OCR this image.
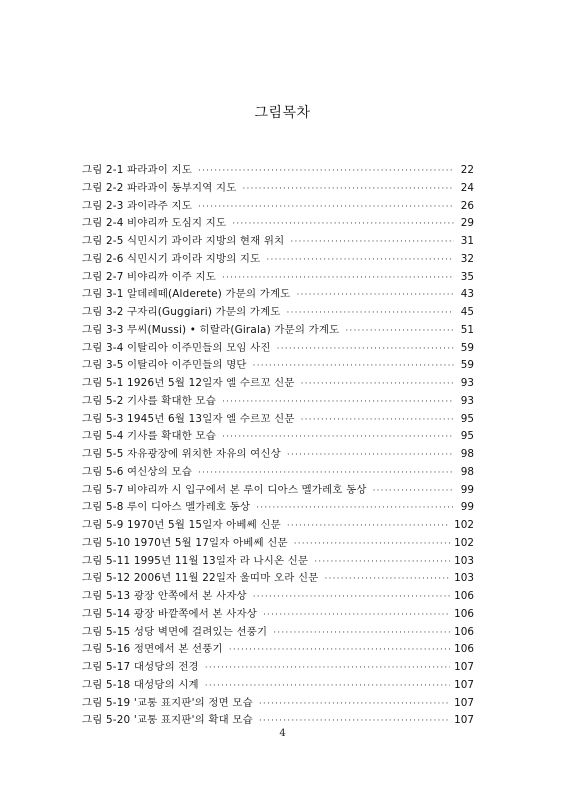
그림목차
그림 2-1 파라과이 지도 ·····	22
그림 2-2 파라과이 동부지역 지도 ·····	24
그림 2-3 과이라주 지도 ·····	26
그림 2-4 비야리까 도심지 지도 ·····	29
그림 2-5 식민시기 과이라 지방의 현재 위치 ·····	31
그림 2-6 식민시기 과이라 지방의 지도 ·····	32
그림 2-7 비야리까 이주 지도 ·····	35
그림 3-1 알데레떼(Alderete) 가문의 가계도 ·····	43
그림 3-2 구자리(Guggiari) 가문의 가계도 ·····	45
그림 3-3 무씨(Mussi) • 히랄라(Girala) 가문의 가계도 ·····	51
그림 3-4 이탈리아 이주민들의 모임 사진 ·····	59
그림 3-5 이탈리아 이주민들의 명단 ·····	59
그림 5-1 1926년 5월 12일자 엘 수르꼬 신문 ·····	93
그림 5-2 기사를 확대한 모습 ·····	93
그림 5-3 1945년 6월 13일자 엘 수르꼬 신문 ·····	95
그림 5-4 기사를 확대한 모습 ·····	95
그림 5-5 자유광장에 위치한 자유의 여신상 ·····	98
그림 5-6 여신상의 모습 ·····	98
그림 5-7 비야리까 시 입구에서 본 루이 디아스 멜가레호 동상 ·····	99
그림 5-8 루이 디아스 멜가레호 동상 ·····	99
그림 5-9 1970년 5월 15일자 아베쎄 신문 ·····	102
그림 5-10 1970년 5월 17일자 아베쎄 신문 ·····	102
그림 5-11 1995년 11월 13일자 라 나시온 신문 ·····	103
그림 5-12 2006년 11월 22일자 울띠마 오라 신문 ·····	103
그림 5-13 광장 안쪽에서 본 사자상 ·····	106
그림 5-14 광장 바깥쪽에서 본 사자상 ·····	106
그림 5-15 성당 벽면에 걸려있는 선풍기 ·····	106
그림 5-16 정면에서 본 선풍기 ·····	106
그림 5-17 대성당의 전경 ·····	107
그림 5-18 대성당의 시계 ·····	107
그림 5-19 '교통 표지판'의 정면 모습 ·····	107
그림 5-20 '교통 표지판'의 확대 모습 ·····	107
4
